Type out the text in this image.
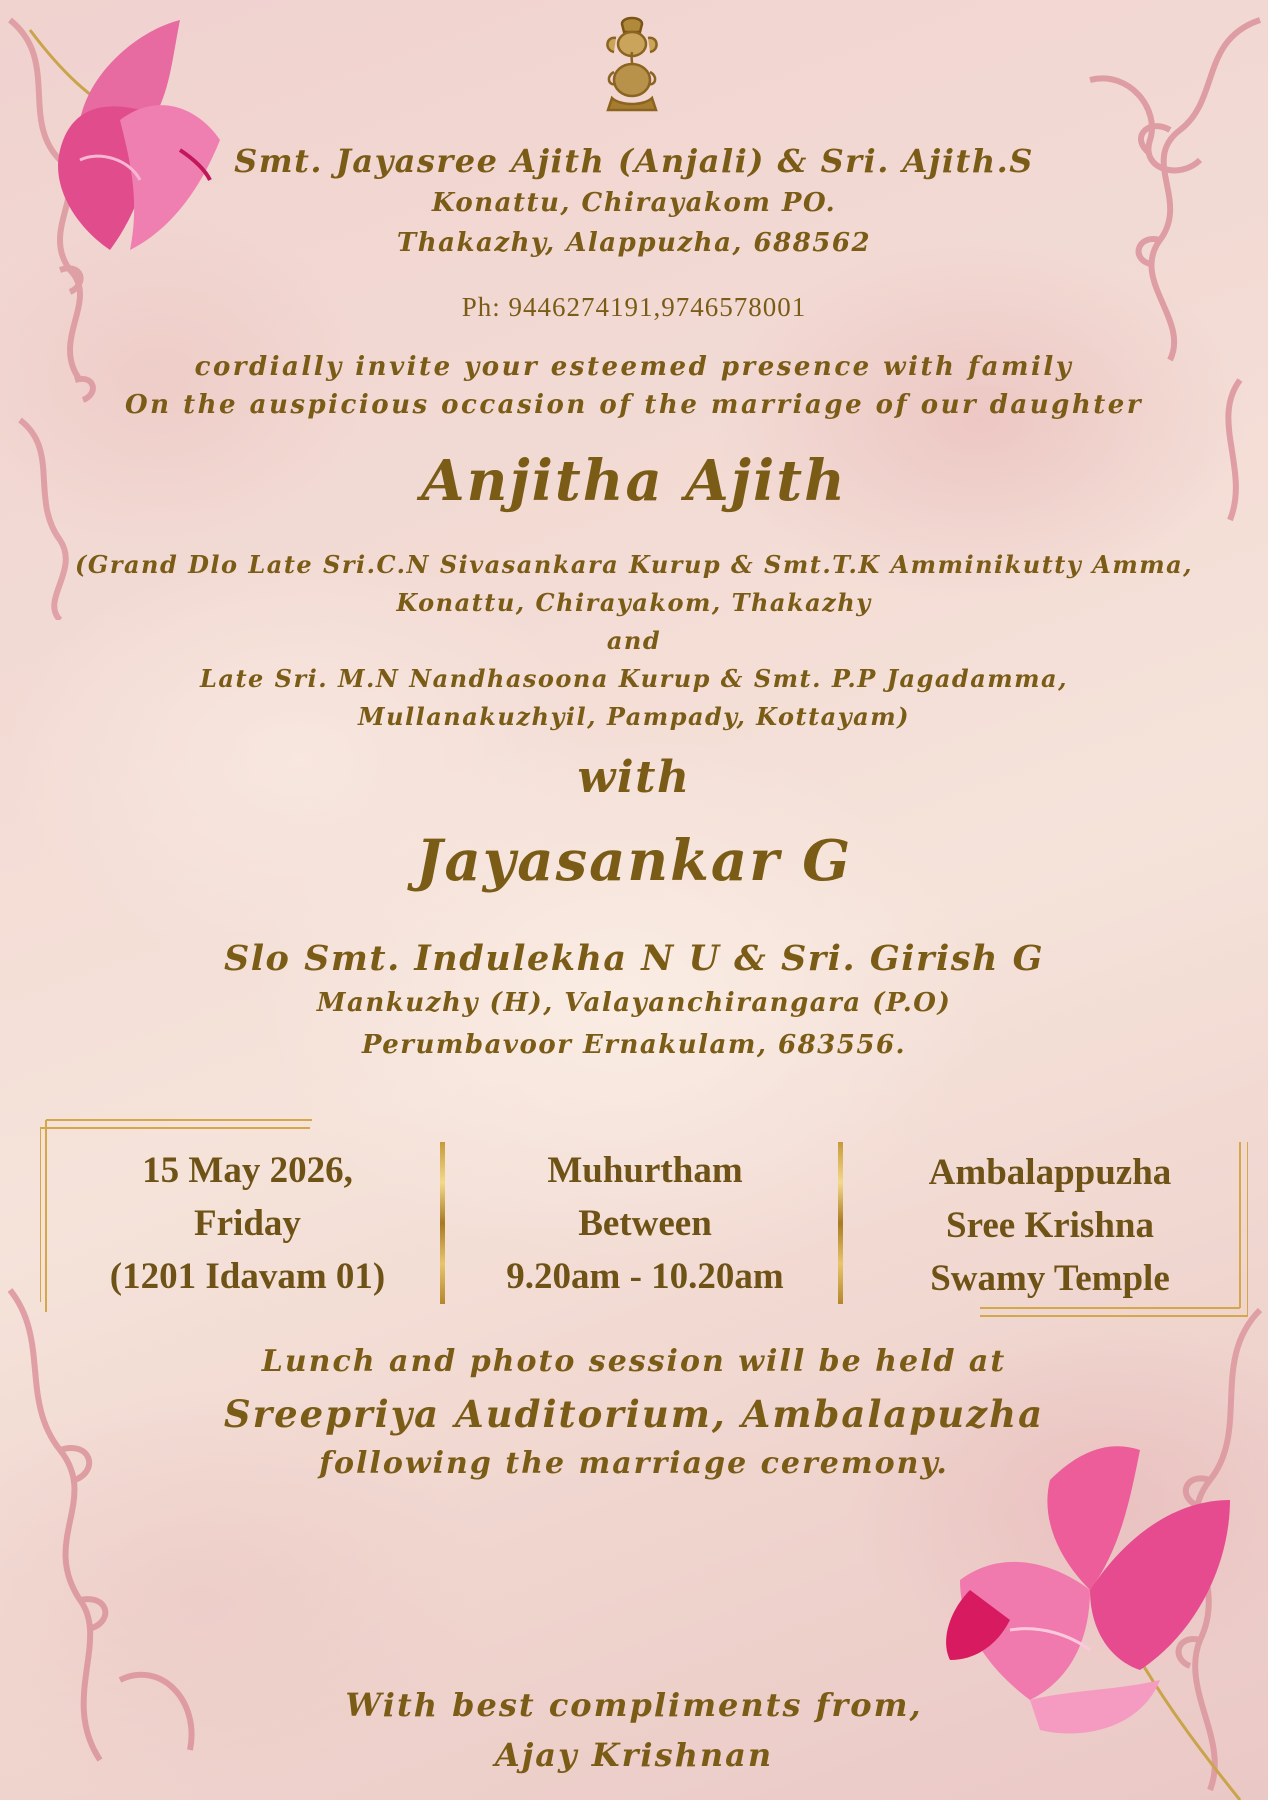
Smt. Jayasree Ajith (Anjali) & Sri. Ajith.S
Konattu, Chirayakom PO.
Thakazhy, Alappuzha, 688562
Ph: 9446274191,9746578001
cordially invite your esteemed presence with family
On the auspicious occasion of the marriage of our daughter
Anjitha Ajith
(Grand Dlo Late Sri.C.N Sivasankara Kurup & Smt.T.K Amminikutty Amma,
Konattu, Chirayakom, Thakazhy
and
Late Sri. M.N Nandhasoona Kurup & Smt. P.P Jagadamma,
Mullanakuzhyil, Pampady, Kottayam)
with
Jayasankar G
Slo Smt. Indulekha N U & Sri. Girish G
Mankuzhy (H), Valayanchirangara (P.O)
Perumbavoor Ernakulam, 683556.
15 May 2026,
Friday
(1201 Idavam 01)
Muhurtham
Between
9.20am - 10.20am
Ambalappuzha
Sree Krishna
Swamy Temple
Lunch and photo session will be held at
Sreepriya Auditorium, Ambalapuzha
following the marriage ceremony.
With best compliments from,
Ajay Krishnan
